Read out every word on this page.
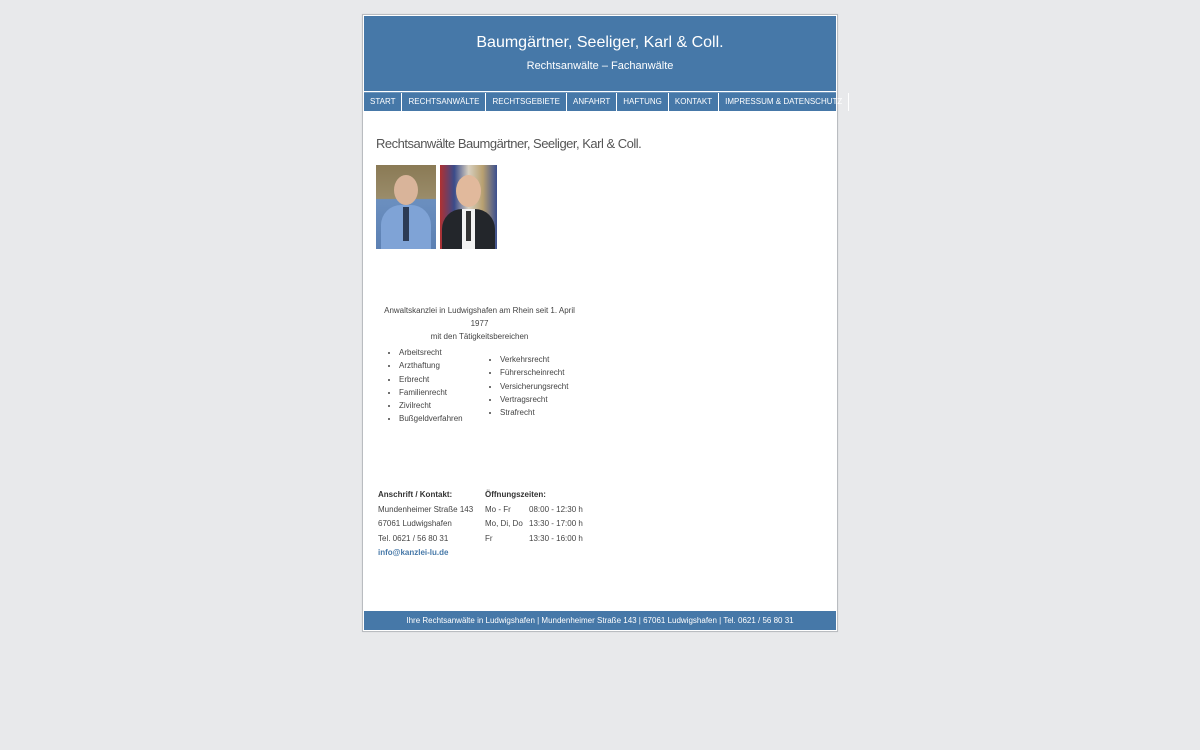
Baumgärtner, Seeliger, Karl & Coll.
Rechtsanwälte – Fachanwälte
START	RECHTSANWÄLTE	RECHTSGEBIETE	ANFAHRT	HAFTUNG	KONTAKT	IMPRESSUM & DATENSCHUTZ
Rechtsanwälte Baumgärtner, Seeliger, Karl & Coll.
Anwaltskanzlei in Ludwigshafen am Rhein seit 1. April 1977
mit den Tätigkeitsbereichen
• Arbeitsrecht
• Arzthaftung
• Erbrecht
• Familienrecht
• Zivilrecht
• Bußgeldverfahren
• Verkehrsrecht
• Führerscheinrecht
• Versicherungsrecht
• Vertragsrecht
• Strafrecht
Anschrift / Kontakt:
Mundenheimer Straße 143
67061 Ludwigshafen
Tel. 0621 / 56 80 31
info@kanzlei-lu.de
Öffnungszeiten:
Mo - Fr	08:00 - 12:30 h
Mo, Di, Do 13:30 - 17:00 h
Fr	13:30 - 16:00 h
Ihre Rechtsanwälte in Ludwigshafen | Mundenheimer Straße 143 | 67061 Ludwigshafen | Tel. 0621 / 56 80 31
